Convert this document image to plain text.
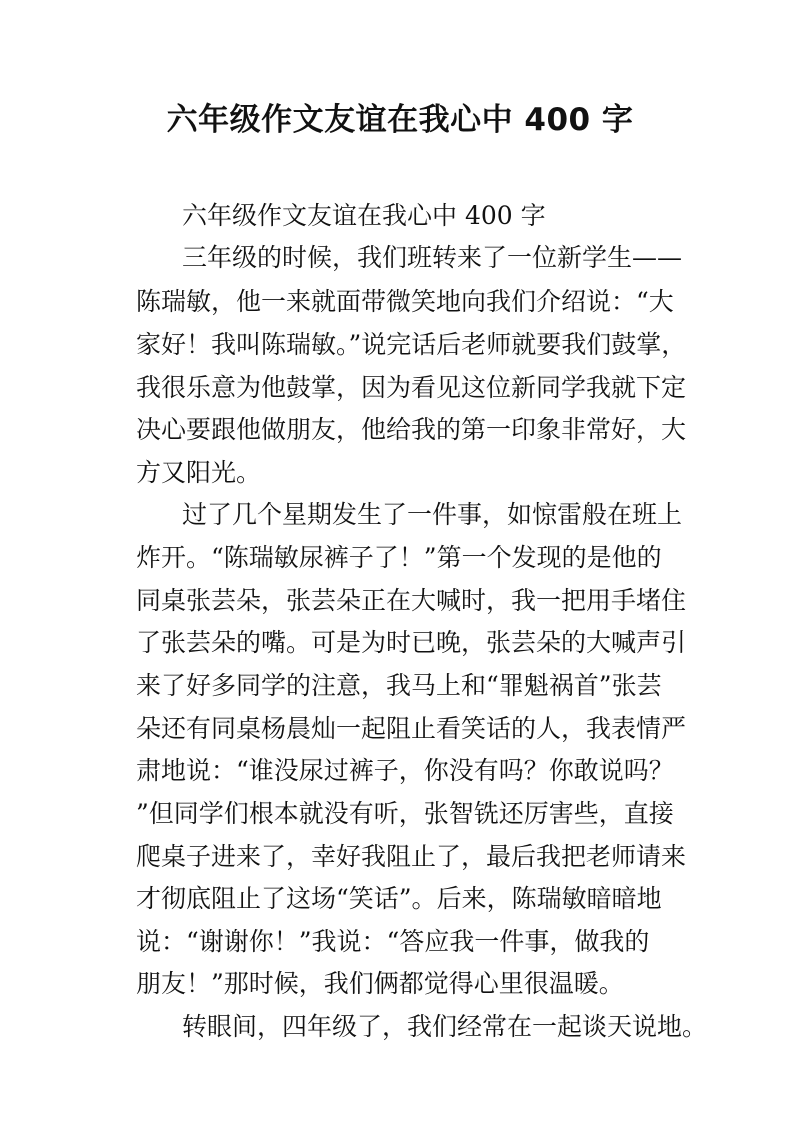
六年级作文友谊在我心中 400 字

六年级作文友谊在我心中 400 字

三年级的时候，我们班转来了一位新学生——

陈瑞敏，他一来就面带微笑地向我们介绍说：“大

家好！我叫陈瑞敏。”说完话后老师就要我们鼓掌，

我很乐意为他鼓掌，因为看见这位新同学我就下定

决心要跟他做朋友，他给我的第一印象非常好，大

方又阳光。

过了几个星期发生了一件事，如惊雷般在班上

炸开。“陈瑞敏尿裤子了！”第一个发现的是他的

同桌张芸朵，张芸朵正在大喊时，我一把用手堵住

了张芸朵的嘴。可是为时已晚，张芸朵的大喊声引

来了好多同学的注意，我马上和“罪魁祸首”张芸

朵还有同桌杨晨灿一起阻止看笑话的人，我表情严

肃地说：“谁没尿过裤子，你没有吗？你敢说吗？

”但同学们根本就没有听，张智铣还厉害些，直接

爬桌子进来了，幸好我阻止了，最后我把老师请来

才彻底阻止了这场“笑话”。后来，陈瑞敏暗暗地

说：“谢谢你！”我说：“答应我一件事，做我的

朋友！”那时候，我们俩都觉得心里很温暖。

转眼间，四年级了，我们经常在一起谈天说地。
